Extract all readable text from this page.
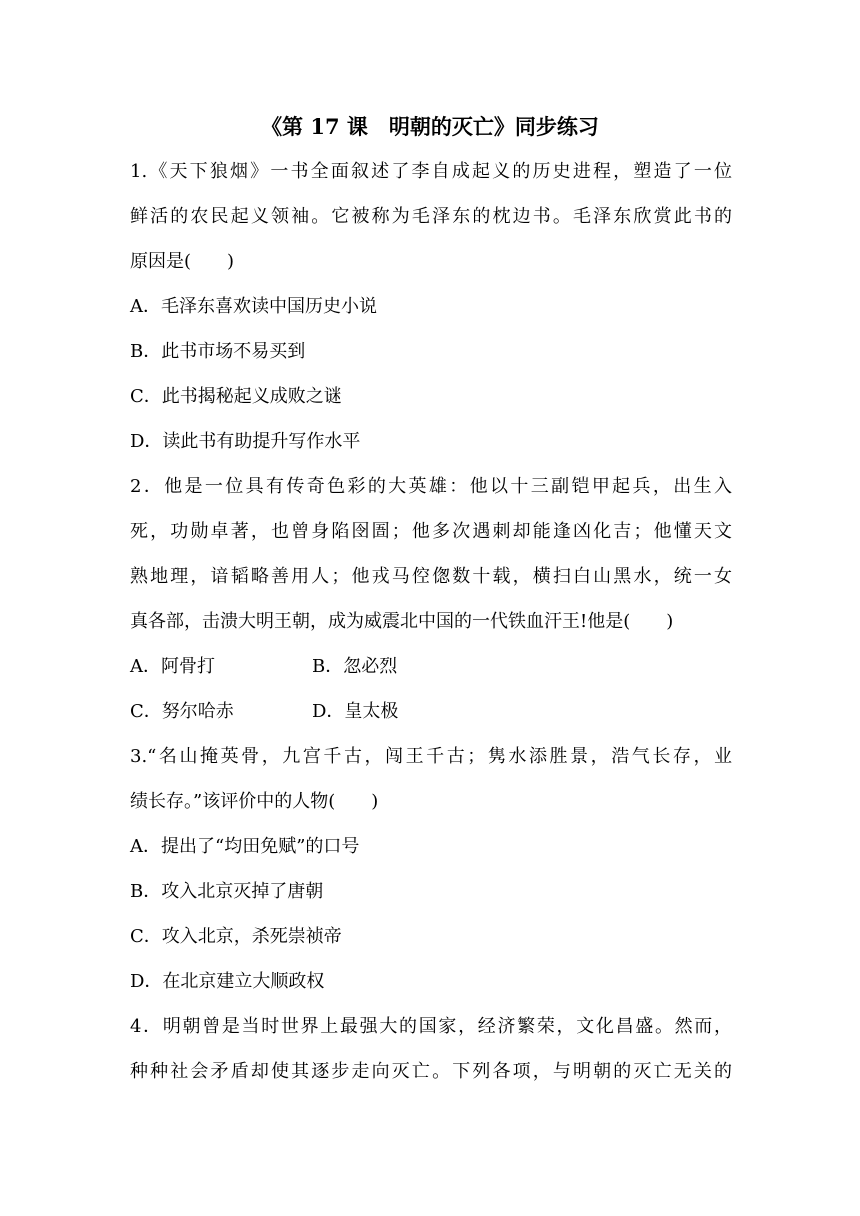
《第 17 课　明朝的灭亡》同步练习
1.《天下狼烟》一书全面叙述了李自成起义的历史进程，塑造了一位
鲜活的农民起义领袖。它被称为毛泽东的枕边书。毛泽东欣赏此书的
原因是(　　)
A．毛泽东喜欢读中国历史小说
B．此书市场不易买到
C．此书揭秘起义成败之谜
D．读此书有助提升写作水平
2．他是一位具有传奇色彩的大英雄：他以十三副铠甲起兵，出生入
死，功勋卓著，也曾身陷囹圄；他多次遇刺却能逢凶化吉；他懂天文
熟地理，谙韬略善用人；他戎马倥偬数十载，横扫白山黑水，统一女
真各部，击溃大明王朝，成为威震北中国的一代铁血汗王!他是(　　)
A．阿骨打	B．忽必烈
C．努尔哈赤	D．皇太极
3.“名山掩英骨，九宫千古，闯王千古；隽水添胜景，浩气长存，业
绩长存。”该评价中的人物(　　)
A．提出了“均田免赋”的口号
B．攻入北京灭掉了唐朝
C．攻入北京，杀死崇祯帝
D．在北京建立大顺政权
4．明朝曾是当时世界上最强大的国家，经济繁荣，文化昌盛。然而，
种种社会矛盾却使其逐步走向灭亡。下列各项，与明朝的灭亡无关的
